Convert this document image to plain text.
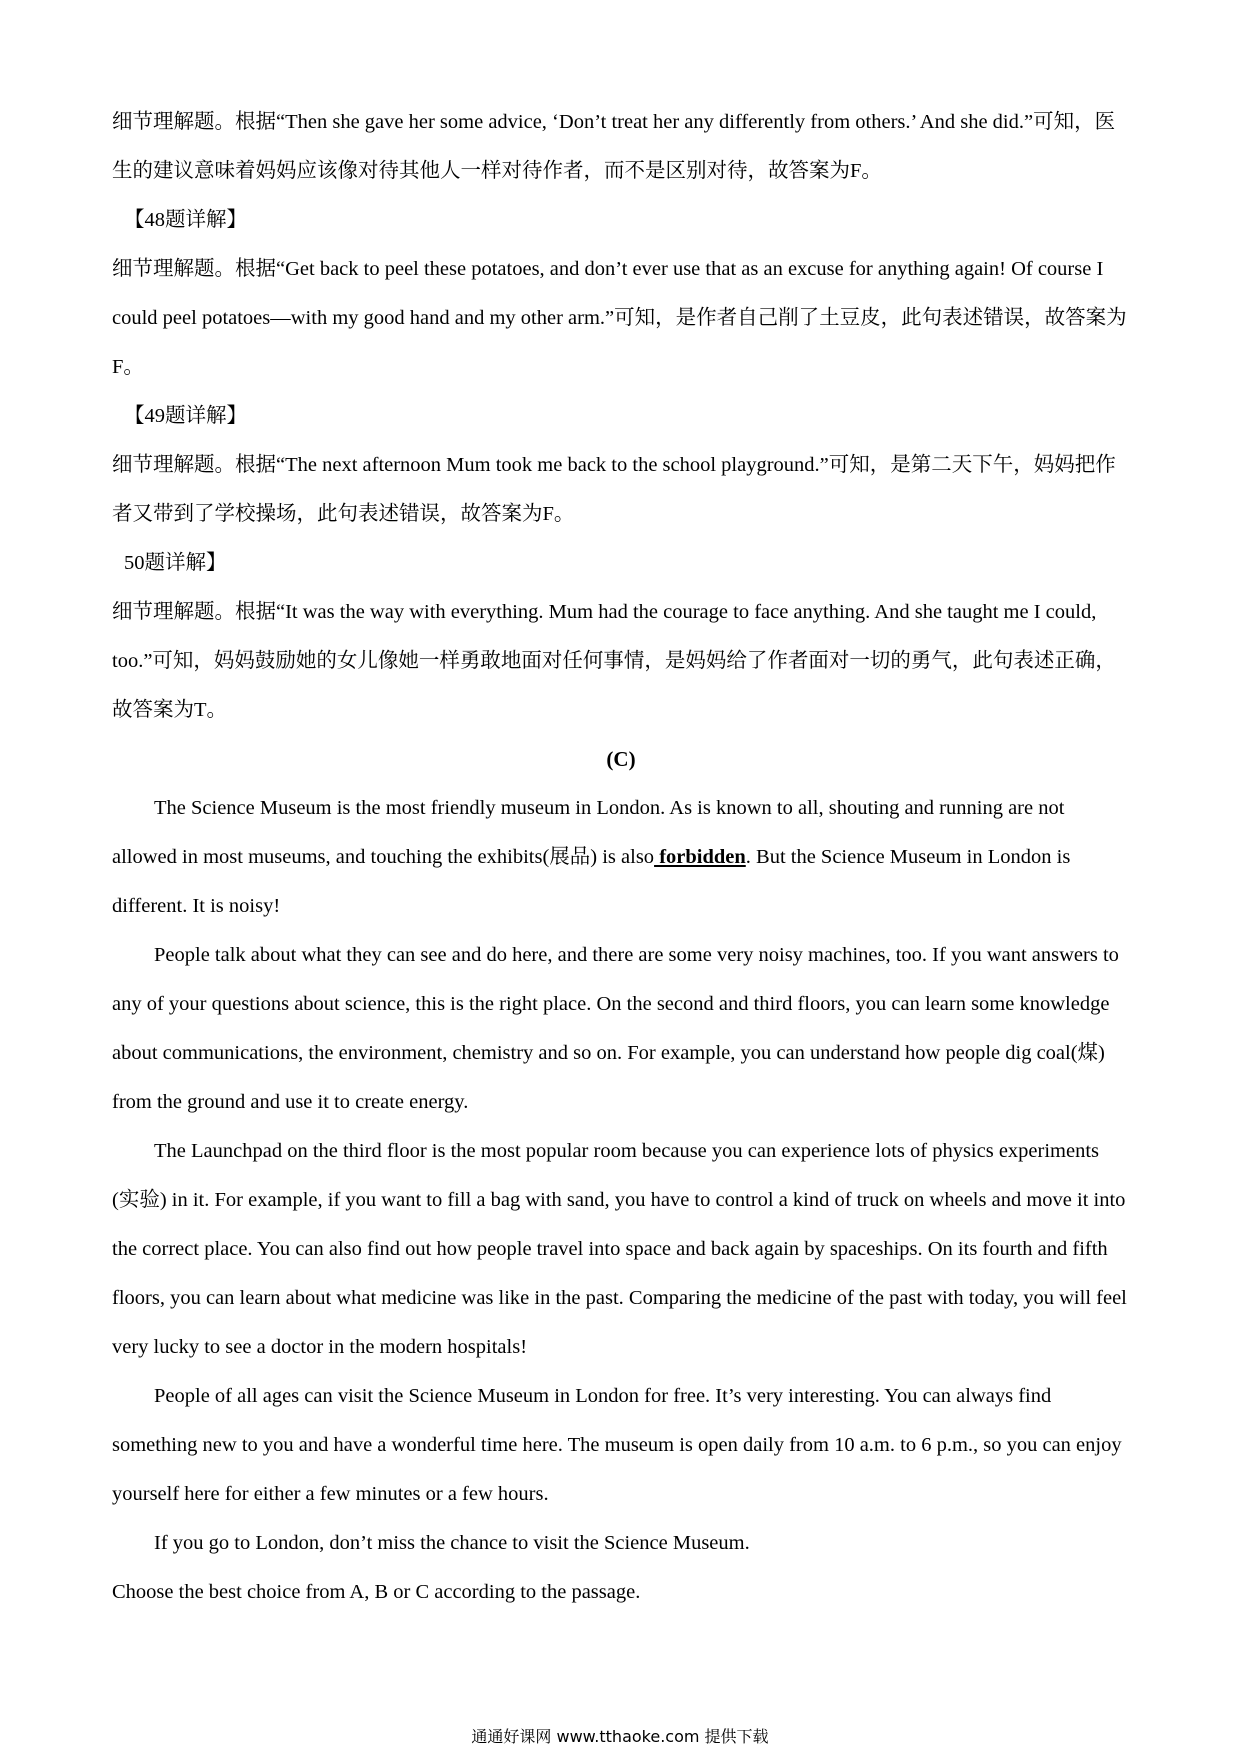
细节理解题。根据“Then she gave her some advice, ‘Don’t treat her any differently from others.’ And she did.”可知，医生的建议意味着妈妈应该像对待其他人一样对待作者，而不是区别对待，故答案为F。

【48题详解】

细节理解题。根据“Get back to peel these potatoes, and don’t ever use that as an excuse for anything again! Of course I could peel potatoes—with my good hand and my other arm.”可知，是作者自己削了土豆皮，此句表述错误，故答案为F。

【49题详解】

细节理解题。根据“The next afternoon Mum took me back to the school playground.”可知，是第二天下午，妈妈把作者又带到了学校操场，此句表述错误，故答案为F。

50题详解】

细节理解题。根据“It was the way with everything. Mum had the courage to face anything. And she taught me I could, too.”可知，妈妈鼓励她的女儿像她一样勇敢地面对任何事情，是妈妈给了作者面对一切的勇气，此句表述正确，故答案为T。

(C)

The Science Museum is the most friendly museum in London. As is known to all, shouting and running are not allowed in most museums, and touching the exhibits(展品) is also forbidden. But the Science Museum in London is different. It is noisy!

People talk about what they can see and do here, and there are some very noisy machines, too. If you want answers to any of your questions about science, this is the right place. On the second and third floors, you can learn some knowledge about communications, the environment, chemistry and so on. For example, you can understand how people dig coal(煤) from the ground and use it to create energy.

The Launchpad on the third floor is the most popular room because you can experience lots of physics experiments (实验) in it. For example, if you want to fill a bag with sand, you have to control a kind of truck on wheels and move it into the correct place. You can also find out how people travel into space and back again by spaceships. On its fourth and fifth floors, you can learn about what medicine was like in the past. Comparing the medicine of the past with today, you will feel very lucky to see a doctor in the modern hospitals!

People of all ages can visit the Science Museum in London for free. It’s very interesting. You can always find something new to you and have a wonderful time here. The museum is open daily from 10 a.m. to 6 p.m., so you can enjoy yourself here for either a few minutes or a few hours.

If you go to London, don’t miss the chance to visit the Science Museum.

Choose the best choice from A, B or C according to the passage.

通通好课网 www.tthaoke.com 提供下载
